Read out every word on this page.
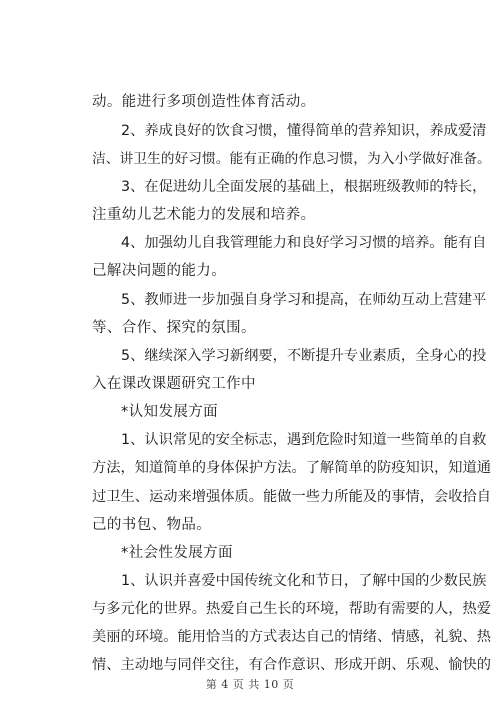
动。能进行多项创造性体育活动。
2、养成良好的饮食习惯，懂得简单的营养知识，养成爱清
洁、讲卫生的好习惯。能有正确的作息习惯，为入小学做好准备。
3、在促进幼儿全面发展的基础上，根据班级教师的特长，
注重幼儿艺术能力的发展和培养。
4、加强幼儿自我管理能力和良好学习习惯的培养。能有自
己解决问题的能力。
5、教师进一步加强自身学习和提高，在师幼互动上营建平
等、合作、探究的氛围。
5、继续深入学习新纲要，不断提升专业素质，全身心的投
入在课改课题研究工作中
*认知发展方面
1、认识常见的安全标志，遇到危险时知道一些简单的自救
方法，知道简单的身体保护方法。了解简单的防疫知识，知道通
过卫生、运动来增强体质。能做一些力所能及的事情，会收拾自
己的书包、物品。
*社会性发展方面
1、认识并喜爱中国传统文化和节日，了解中国的少数民族
与多元化的世界。热爱自己生长的环境，帮助有需要的人，热爱
美丽的环境。能用恰当的方式表达自己的情绪、情感，礼貌、热
情、主动地与同伴交往，有合作意识、形成开朗、乐观、愉快的
第 4 页 共 10 页
